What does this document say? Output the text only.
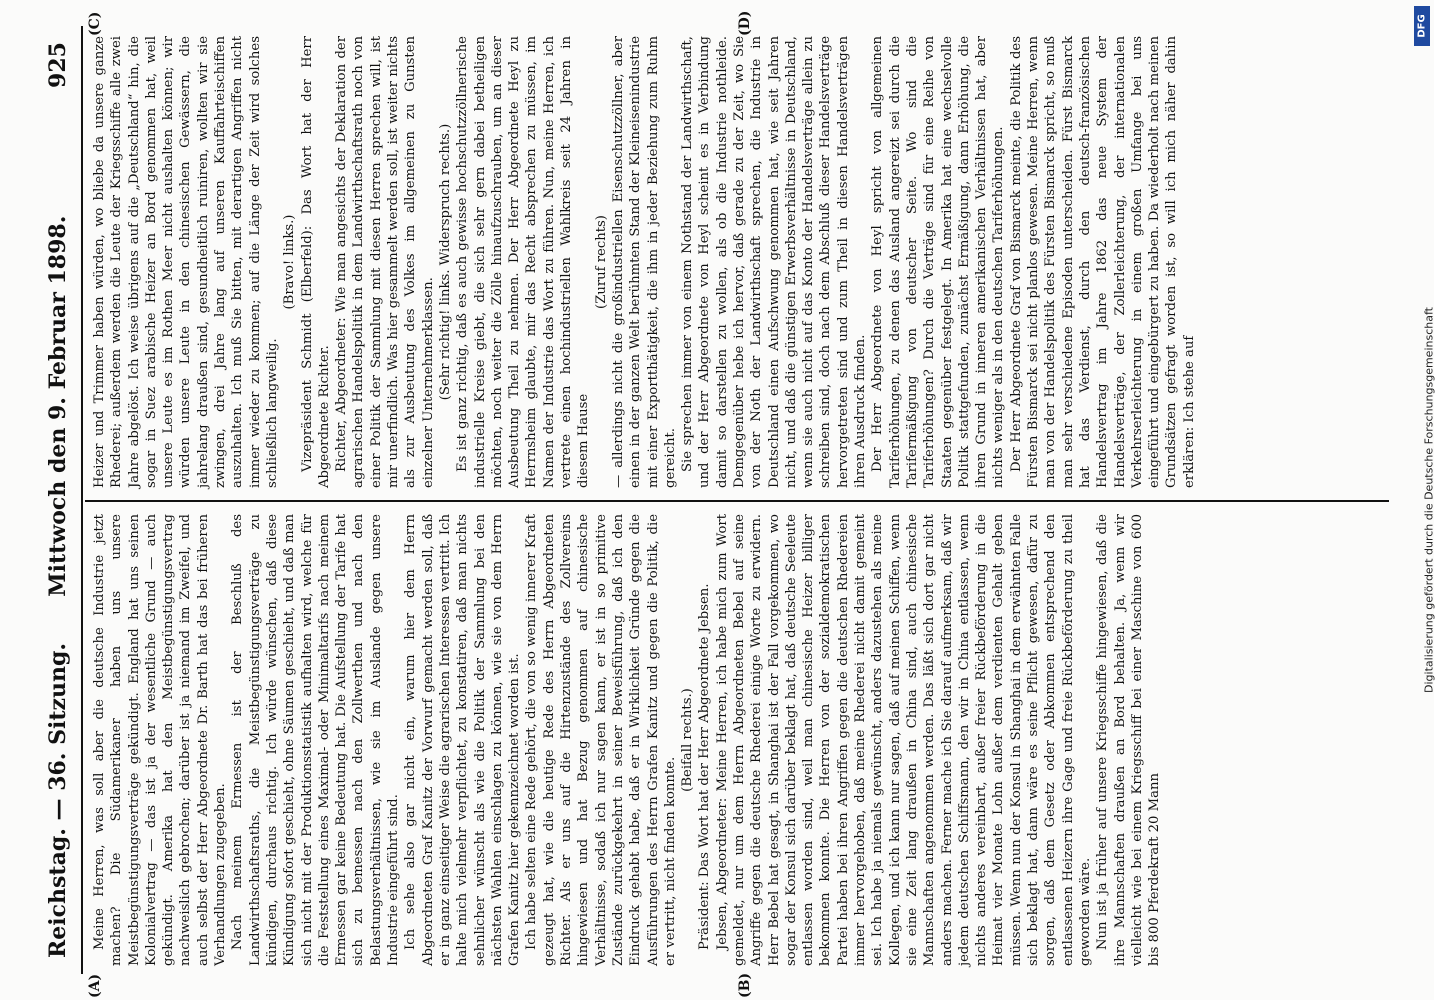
Reichstag. — 36. Sitzung.
Mittwoch den 9. Februar 1898. 925
(A)	(B)
(C)	(D)

Meine Herren, was soll aber die deutsche Industrie jetzt machen? Die Südamerikaner haben uns unsere Meistbegünstigungsverträge gekündigt. England hat uns seinen Kolonialvertrag — das ist ja der wesentliche Grund — auch gekündigt. Amerika hat den Meistbegünstigungsvertrag nachweislich gebrochen; darüber ist ja niemand im Zweifel, und auch selbst der Herr Abgeordnete Dr. Barth hat das bei früheren Verhandlungen zugegeben. Nach meinem Ermessen ist der Beschluß des Landwirthschaftsraths, die Meistbegünstigungsverträge zu kündigen, durchaus richtig. Ich würde wünschen, daß diese Kündigung sofort geschieht, ohne Säumen geschieht, und daß man sich nicht mit der Produktionsstatistik aufhalten wird, welche für die Feststellung eines Maximal- oder Minimaltarifs nach meinem Ermessen gar keine Bedeutung hat. Die Aufstellung der Tarife hat sich zu bemessen nach den Zollwerthen und nach den Belastungsverhältnissen, wie sie im Auslande gegen unsere Industrie eingeführt sind. Ich sehe also gar nicht ein, warum hier dem Herrn Abgeordneten Graf Kanitz der Vorwurf gemacht werden soll, daß er in ganz einseitiger Weise die agrarischen Interessen vertritt. Ich halte mich vielmehr verpflichtet, zu konstatiren, daß man nichts sehnlicher wünscht als wie die Politik der Sammlung bei den nächsten Wahlen einschlagen zu können, wie sie von dem Herrn Grafen Kanitz hier gekennzeichnet worden ist. Ich habe selten eine Rede gehört, die von so wenig innerer Kraft gezeugt hat, wie die heutige Rede des Herrn Abgeordneten Richter. Als er uns auf die Hirtenzustände des Zollvereins hingewiesen und hat Bezug genommen auf chinesische Verhältnisse, sodaß ich nur sagen kann, er ist in so primitive Zustände zurückgekehrt in seiner Beweisführung, daß ich den Eindruck gehabt habe, daß er in Wirklichkeit Gründe gegen die Ausführungen des Herrn Grafen Kanitz und gegen die Politik, die er vertritt, nicht finden konnte.

(Beifall rechts.) Präsident: Das Wort hat der Herr Abgeordnete Jebsen. Jebsen, Abgeordneter: Meine Herren, ich habe mich zum Wort gemeldet, nur um dem Herrn Abgeordneten Bebel auf seine Angriffe gegen die deutsche Rhederei einige Worte zu erwidern. Herr Bebel hat gesagt, in Shanghai ist der Fall vorgekommen, wo sogar der Konsul sich darüber beklagt hat, daß deutsche Seeleute entlassen worden sind, weil man chinesische Heizer billiger bekommen konnte. Die Herren von der sozialdemokratischen Partei haben bei ihren Angriffen gegen die deutschen Rhedereien immer hervorgehoben, daß meine Rhederei nicht damit gemeint sei. Ich habe ja niemals gewünscht, anders dazustehen als meine Kollegen, und ich kann nur sagen, daß auf meinen Schiffen, wenn sie eine Zeit lang draußen in China sind, auch chinesische Mannschaften angenommen werden. Das läßt sich dort gar nicht anders machen. Ferner mache ich Sie darauf aufmerksam, daß wir jedem deutschen Schiffsmann, den wir in China entlassen, wenn nichts anderes vereinbart, außer freier Rückbeförderung in die Heimat vier Monate Lohn außer dem verdienten Gehalt geben müssen. Wenn nun der Konsul in Shanghai in dem erwähnten Falle sich beklagt hat, dann wäre es seine Pflicht gewesen, dafür zu sorgen, daß dem Gesetz oder Abkommen entsprechend den entlassenen Heizern ihre Gage und freie Rückbeförderung zu theil geworden wäre. Nun ist ja früher auf unsere Kriegsschiffe hingewiesen, daß die ihre Mannschaften draußen an Bord behalten. Ja, wenn wir vielleicht wie bei einem Kriegsschiff bei einer Maschine von 600 bis 800 Pferdekraft 20 Mann

Heizer und Trimmer haben würden, wo bliebe da unsere ganze Rhederei; außerdem werden die Leute der Kriegsschiffe alle zwei Jahre abgelöst. Ich weise übrigens auf die „Deutschland“ hin, die sogar in Suez arabische Heizer an Bord genommen hat, weil unsere Leute es im Rothen Meer nicht aushalten können; wir würden unsere Leute in den chinesischen Gewässern, die jahrelang draußen sind, gesundheitlich ruiniren, wollten wir sie zwingen, drei Jahre lang auf unseren Kauffahrteischiffen auszuhalten. Ich muß Sie bitten, mit derartigen Angriffen nicht immer wieder zu kommen; auf die Länge der Zeit wird solches schließlich langweilig.

(Bravo! links.) Vizepräsident Schmidt (Elberfeld): Das Wort hat der Herr Abgeordnete Richter. Richter, Abgeordneter: Wie man angesichts der Deklaration der agrarischen Handelspolitik in dem Landwirthschaftsrath noch von einer Politik der Sammlung mit diesen Herren sprechen will, ist mir unerfindlich. Was hier gesammelt werden soll, ist weiter nichts als zur Ausbeutung des Volkes im allgemeinen zu Gunsten einzelner Unternehmerklassen. (Sehr richtig! links. Widerspruch rechts.) Es ist ganz richtig, daß es auch gewisse hochschutzzöllnerische industrielle Kreise giebt, die sich sehr gern dabei betheiligen möchten, noch weiter die Zölle hinaufzuschrauben, um an dieser Ausbeutung Theil zu nehmen. Der Herr Abgeordnete Heyl zu Herrnsheim glaubte, mir das Recht absprechen zu müssen, im Namen der Industrie das Wort zu führen. Nun, meine Herren, ich vertrete einen hochindustriellen Wahlkreis seit 24 Jahren in diesem Hause

(Zuruf rechts) — allerdings nicht die großindustriellen Eisenschutzzöllner, aber einen in der ganzen Welt berühmten Stand der Kleineisenindustrie mit einer Exportthätigkeit, die ihm in jeder Beziehung zum Ruhm gereicht. Sie sprechen immer von einem Nothstand der Landwirthschaft, und der Herr Abgeordnete von Heyl scheint es in Verbindung damit so darstellen zu wollen, als ob die Industrie nothleide. Demgegenüber hebe ich hervor, daß gerade zu der Zeit, wo Sie von der Noth der Landwirthschaft sprechen, die Industrie in Deutschland einen Aufschwung genommen hat, wie seit Jahren nicht, und daß die günstigen Erwerbsverhältnisse in Deutschland, wenn sie auch nicht auf das Konto der Handelsverträge allein zu schreiben sind, doch nach dem Abschluß dieser Handelsverträge hervorgetreten sind und zum Theil in diesen Handelsverträgen ihren Ausdruck finden. Der Herr Abgeordnete von Heyl spricht von allgemeinen Tariferhöhungen, zu denen das Ausland angereizt sei durch die Tarifermäßigung von deutscher Seite. Wo sind die Tariferhöhungen? Durch die Verträge sind für eine Reihe von Staaten gegenüber festgelegt. In Amerika hat eine wechselvolle Politik stattgefunden, zunächst Ermäßigung, dann Erhöhung, die ihren Grund in inneren amerikanischen Verhältnissen hat, aber nichts weniger als in den deutschen Tariferhöhungen. Der Herr Abgeordnete Graf von Bismarck meinte, die Politik des Fürsten Bismarck sei nicht planlos gewesen. Meine Herren, wenn man von der Handelspolitik des Fürsten Bismarck spricht, so muß man sehr verschiedene Episoden unterscheiden. Fürst Bismarck hat das Verdienst, durch den deutsch-französischen Handelsvertrag im Jahre 1862 das neue System der Handelsverträge, der Zollerleichterung, der internationalen Verkehrserleichterung in einem großen Umfange bei uns eingeführt und eingebürgert zu haben. Da wiederholt nach meinen Grundsätzen gefragt worden ist, so will ich mich näher dahin erklären: Ich stehe auf	Digitalisierung gefördert durch die Deutsche Forschungsgemeinschaft
DFG
